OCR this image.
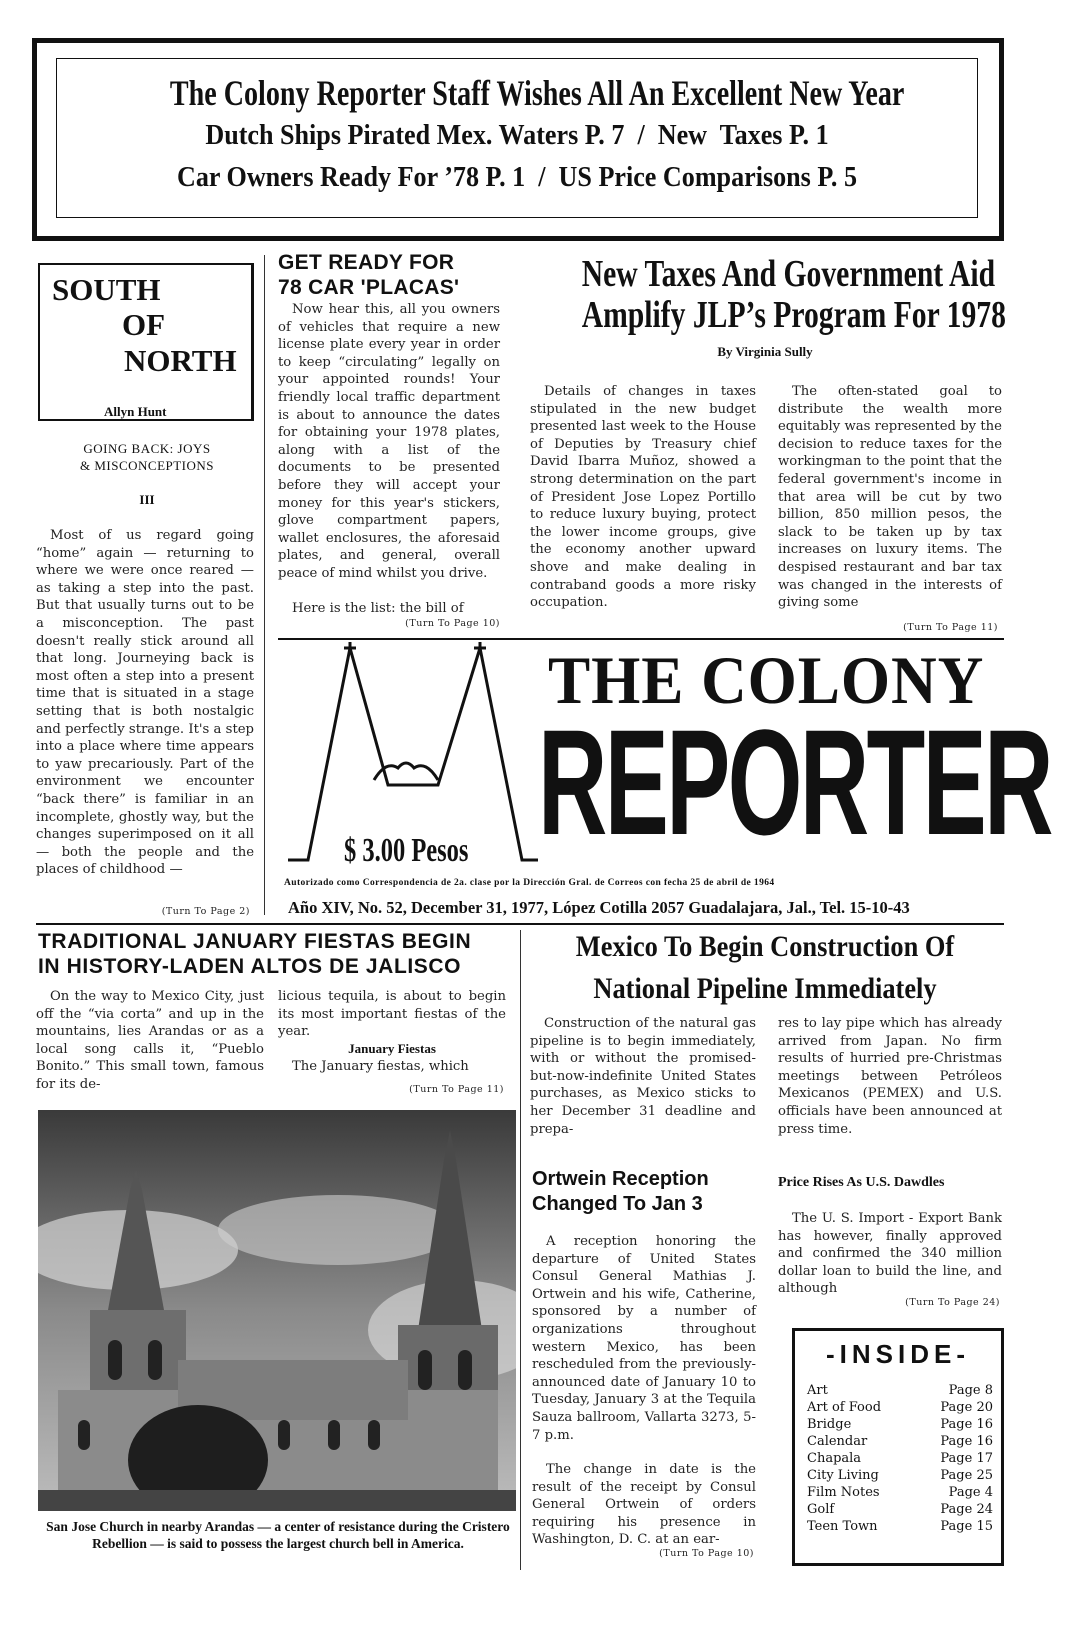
The Colony Reporter Staff Wishes All An Excellent New Year
Dutch Ships Pirated Mex. Waters P. 7  /  New  Taxes P. 1
Car Owners Ready For ’78 P. 1  /  US Price Comparisons P. 5
SOUTH
OF
NORTH
Allyn Hunt
GOING BACK: JOYS
& MISCONCEPTIONS
III

Most of us regard going “home” again — returning to where we were once reared — as taking a step into the past. But that usually turns out to be a misconception. The past doesn't really stick around all that long. Journeying back is most often a step into a present time that is situated in a stage setting that is both nostalgic and perfectly strange. It's a step into a place where time appears to yaw precariously. Part of the environment we encounter “back there” is familiar in an incomplete, ghostly way, but the changes superimposed on it all — both the people and the places of childhood —

(Turn To Page 2)
GET READY FOR
78 CAR 'PLACAS'

Now hear this, all you owners of vehicles that require a new license plate every year in order to keep “circulating” legally on your appointed rounds! Your friendly local traffic department is about to announce the dates for obtaining your 1978 plates, along with a list of the documents to be presented before they will accept your money for this year's stickers, glove compartment papers, wallet enclosures, the aforesaid plates, and general, overall peace of mind whilst you drive.

Here is the list: the bill of

(Turn To Page 10)
New Taxes And Government Aid
Amplify JLP’s Program For 1978
By Virginia Sully

Details of changes in taxes stipulated in the new budget presented last week to the House of Deputies by Treasury chief David Ibarra Muñoz, showed a strong determination on the part of President Jose Lopez Portillo to reduce luxury buying, protect the lower income groups, give the economy another upward shove and make dealing in contraband goods a more risky occupation.

The often-stated goal to distribute the wealth more equitably was represented by the decision to reduce taxes for the workingman to the point that the federal government's income in that area will be cut by two billion, 850 million pesos, the slack to be taken up by tax increases on luxury items. The despised restaurant and bar tax was changed in the interests of giving some

(Turn To Page 11)
$ 3.00 Pesos
THE COLONY
REPORTER
Autorizado como Correspondencia de 2a. clase por la Dirección Gral. de Correos con fecha 25 de abril de 1964
Año XIV, No. 52, December 31, 1977, López Cotilla 2057 Guadalajara, Jal., Tel. 15-10-43
TRADITIONAL JANUARY FIESTAS BEGIN
IN HISTORY-LADEN ALTOS DE JALISCO

On the way to Mexico City, just off the “via corta” and up in the mountains, lies Arandas or as a local song calls it, “Pueblo Bonito.” This small town, famous for its de-

licious tequila, is about to begin its most important fiestas of the year.

January Fiestas

The January fiestas, which

(Turn To Page 11)
San Jose Church in nearby Arandas — a center of resistance during the Cristero Rebellion — is said to possess the largest church bell in America.
Mexico To Begin Construction Of
National Pipeline Immediately

Construction of the natural gas pipeline is to begin immediately, with or without the promised-but-now-indefinite United States purchases, as Mexico sticks to her December 31 deadline and prepa-

res to lay pipe which has already arrived from Japan. No firm results of hurried pre-Christmas meetings between Petróleos Mexicanos (PEMEX) and U.S. officials have been announced at press time.

Ortwein Reception
Changed To Jan 3

A reception honoring the departure of United States Consul General Mathias J. Ortwein and his wife, Catherine, sponsored by a number of organizations throughout western Mexico, has been rescheduled from the previously-announced date of January 10 to Tuesday, January 3 at the Tequila Sauza ballroom, Vallarta 3273, 5-7 p.m.

The change in date is the result of the receipt by Consul General Ortwein of orders requiring his presence in Washington, D. C. at an ear-

(Turn To Page 10)
Price Rises As U.S. Dawdles

The U. S. Import - Export Bank has however, finally approved and confirmed the 340 million dollar loan to build the line, and although

(Turn To Page 24)
-INSIDE-
Art	Page 8
Art of Food	Page 20
Bridge	Page 16
Calendar	Page 16
Chapala	Page 17
City Living	Page 25
Film Notes	Page 4
Golf	Page 24
Teen Town	Page 15
